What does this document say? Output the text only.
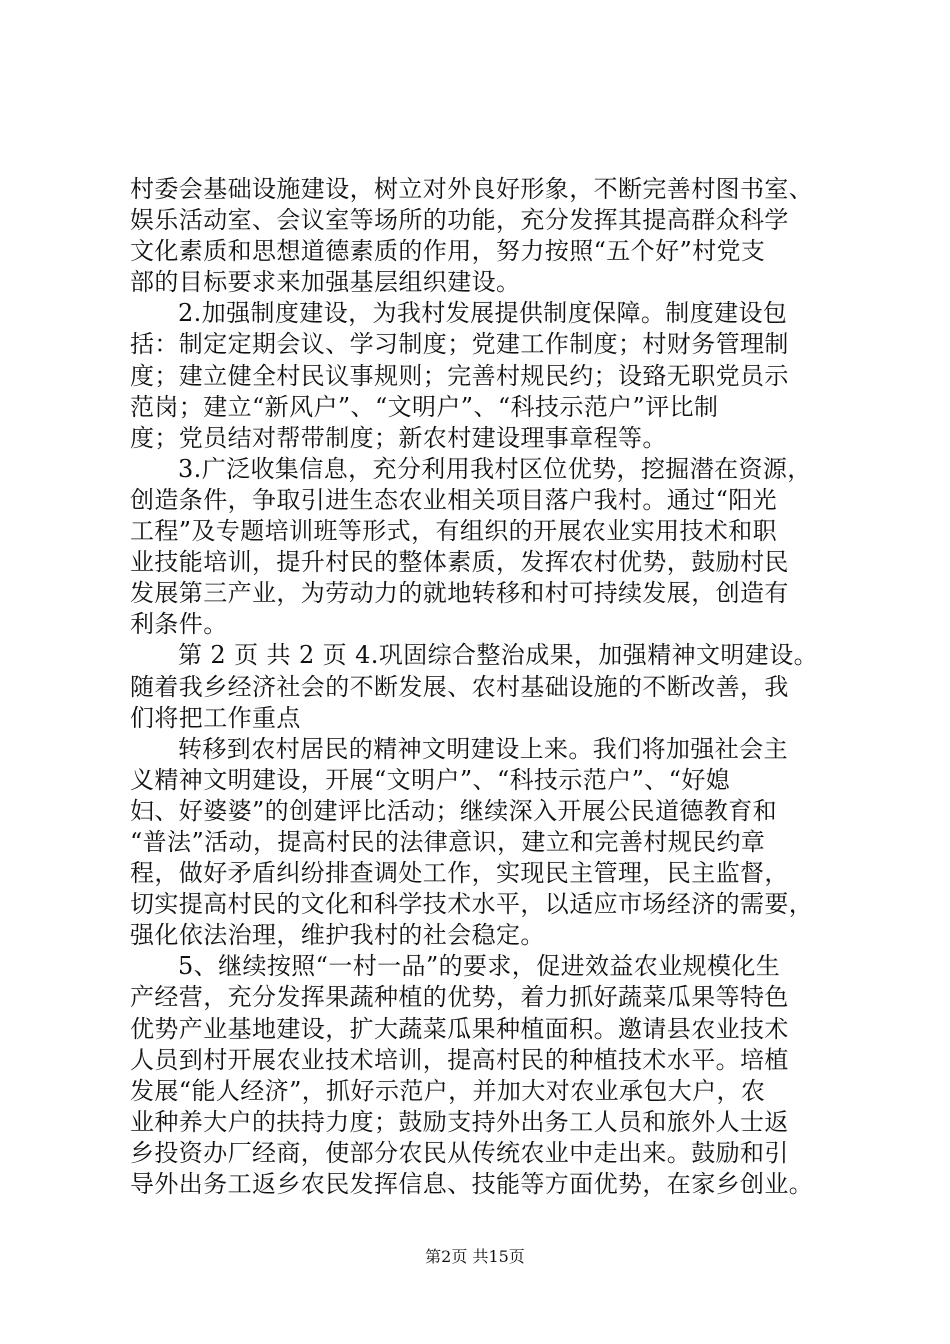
村委会基础设施建设，树立对外良好形象，不断完善村图书室、
娱乐活动室、会议室等场所的功能，充分发挥其提高群众科学
文化素质和思想道德素质的作用，努力按照“五个好”村党支
部的目标要求来加强基层组织建设。
2.加强制度建设，为我村发展提供制度保障。制度建设包
括：制定定期会议、学习制度；党建工作制度；村财务管理制
度；建立健全村民议事规则；完善村规民约；设臵无职党员示
范岗；建立“新风户”、“文明户”、“科技示范户”评比制
度；党员结对帮带制度；新农村建设理事章程等。
3.广泛收集信息，充分利用我村区位优势，挖掘潜在资源，
创造条件，争取引进生态农业相关项目落户我村。通过“阳光
工程”及专题培训班等形式，有组织的开展农业实用技术和职
业技能培训，提升村民的整体素质，发挥农村优势，鼓励村民
发展第三产业，为劳动力的就地转移和村可持续发展，创造有
利条件。
第 2 页 共 2 页 4.巩固综合整治成果，加强精神文明建设。
随着我乡经济社会的不断发展、农村基础设施的不断改善，我
们将把工作重点
转移到农村居民的精神文明建设上来。我们将加强社会主
义精神文明建设，开展“文明户”、“科技示范户”、“好媳
妇、好婆婆”的创建评比活动；继续深入开展公民道德教育和
“普法”活动，提高村民的法律意识，建立和完善村规民约章
程，做好矛盾纠纷排查调处工作，实现民主管理，民主监督，
切实提高村民的文化和科学技术水平，以适应市场经济的需要，
强化依法治理，维护我村的社会稳定。
5、继续按照“一村一品”的要求，促进效益农业规模化生
产经营，充分发挥果蔬种植的优势，着力抓好蔬菜瓜果等特色
优势产业基地建设，扩大蔬菜瓜果种植面积。邀请县农业技术
人员到村开展农业技术培训，提高村民的种植技术水平。培植
发展“能人经济”，抓好示范户，并加大对农业承包大户，农
业种养大户的扶持力度；鼓励支持外出务工人员和旅外人士返
乡投资办厂经商，使部分农民从传统农业中走出来。鼓励和引
导外出务工返乡农民发挥信息、技能等方面优势，在家乡创业。
第2页 共15页
